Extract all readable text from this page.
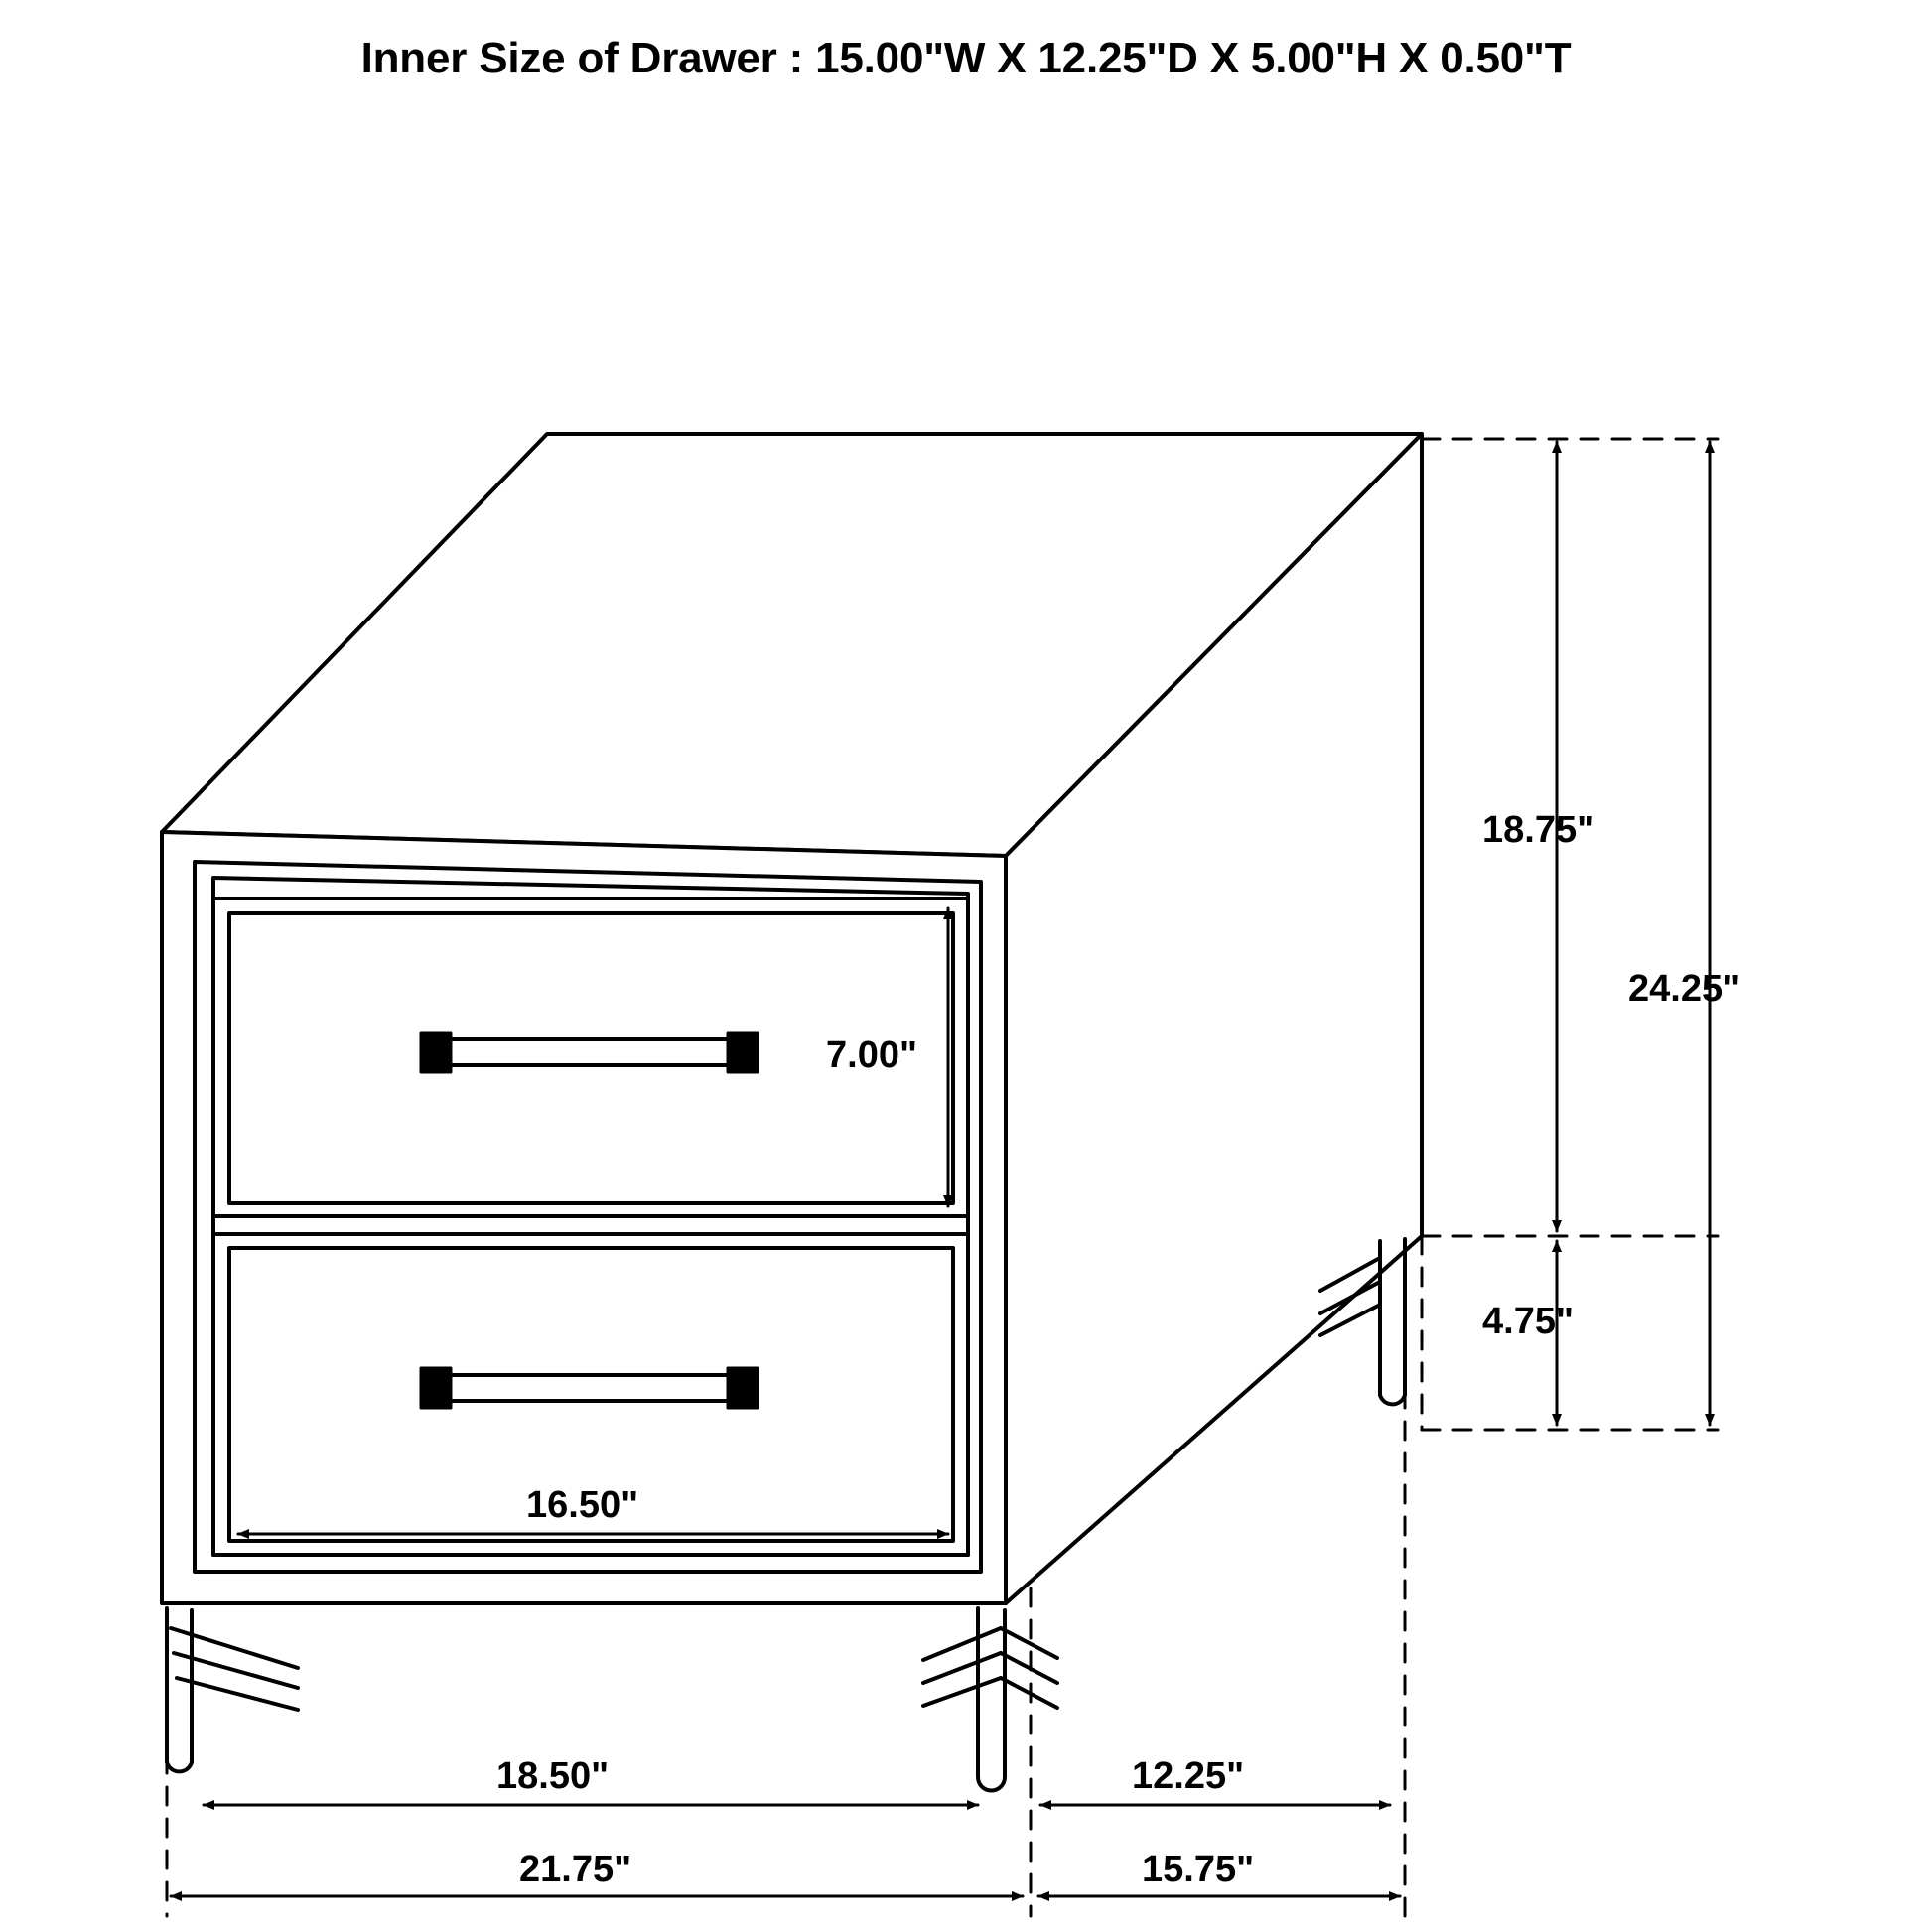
Inner Size of Drawer : 15.00"W X 12.25"D X 5.00"H X 0.50"T
7.00"
16.50"
18.75"
4.75"
24.25"
18.50"	12.25"
21.75"	15.75"
